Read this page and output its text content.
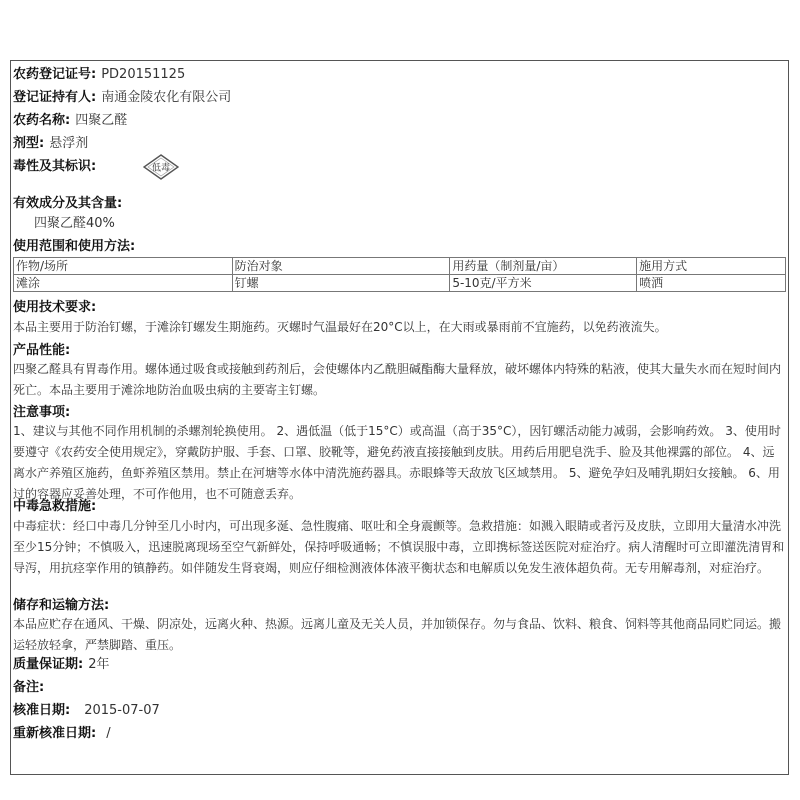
农药登记证号: PD20151125
登记证持有人: 南通金陵农化有限公司
农药名称: 四聚乙醛
剂型: 悬浮剂
毒性及其标识:	低毒
有效成分及其含量:
四聚乙醛40%
使用范围和使用方法:
作物/场所	防治对象	用药量（制剂量/亩）	施用方式
滩涂	钉螺	5-10克/平方米	喷洒
使用技术要求:
本品主要用于防治钉螺，于滩涂钉螺发生期施药。灭螺时气温最好在20°C以上，在大雨或暴雨前不宜施药，以免药液流失。
产品性能:
四聚乙醛具有胃毒作用。螺体通过吸食或接触到药剂后，会使螺体内乙酰胆碱酯酶大量释放，破坏螺体内特殊的粘液，使其大量失水而在短时间内死亡。本品主要用于滩涂地防治血吸虫病的主要寄主钉螺。
注意事项:
1、建议与其他不同作用机制的杀螺剂轮换使用。 2、遇低温（低于15°C）或高温（高于35°C），因钉螺活动能力减弱，会影响药效。 3、使用时要遵守《农药安全使用规定》，穿戴防护服、手套、口罩、胶靴等，避免药液直接接触到皮肤。用药后用肥皂洗手、脸及其他裸露的部位。 4、远离水产养殖区施药，鱼虾养殖区禁用。禁止在河塘等水体中清洗施药器具。赤眼蜂等天敌放飞区域禁用。 5、避免孕妇及哺乳期妇女接触。 6、用过的容器应妥善处理，不可作他用，也不可随意丢弃。
中毒急救措施:
中毒症状：经口中毒几分钟至几小时内，可出现多涎、急性腹痛、呕吐和全身震颤等。急救措施：如溅入眼睛或者污及皮肤，立即用大量清水冲洗至少15分钟；不慎吸入，迅速脱离现场至空气新鲜处，保持呼吸通畅；不慎误服中毒，立即携标签送医院对症治疗。病人清醒时可立即灌洗清胃和导泻，用抗痉挛作用的镇静药。如伴随发生肾衰竭，则应仔细检测液体体液平衡状态和电解质以免发生液体超负荷。无专用解毒剂，对症治疗。
储存和运输方法:
本品应贮存在通风、干燥、阴凉处，远离火种、热源。远离儿童及无关人员，并加锁保存。勿与食品、饮料、粮食、饲料等其他商品同贮同运。搬运轻放轻拿，严禁脚踏、重压。
质量保证期: 2年
备注:
核准日期: 2015-07-07
重新核准日期: /
